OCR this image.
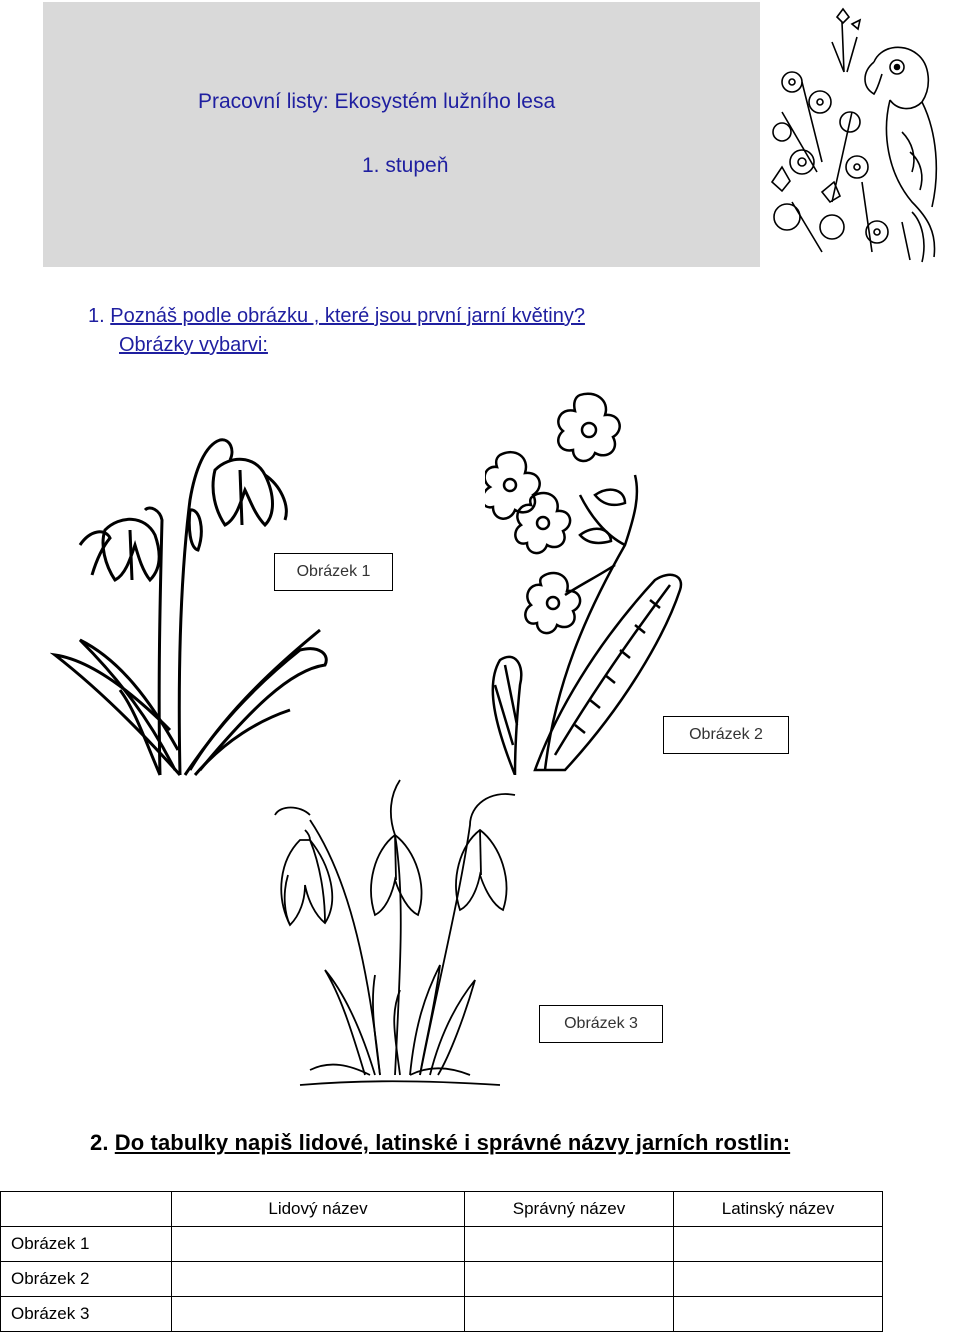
Pracovní listy: Ekosystém lužního lesa
1. stupeň
1. Poznáš podle obrázku , které jsou první jarní květiny?
Obrázky vybarvi:
Obrázek 1
Obrázek 2
Obrázek 3
2. Do tabulky napiš lidové, latinské i správné názvy jarních rostlin:
	Lidový název	Správný název	Latinský název
Obrázek 1			
Obrázek 2			
Obrázek 3			
